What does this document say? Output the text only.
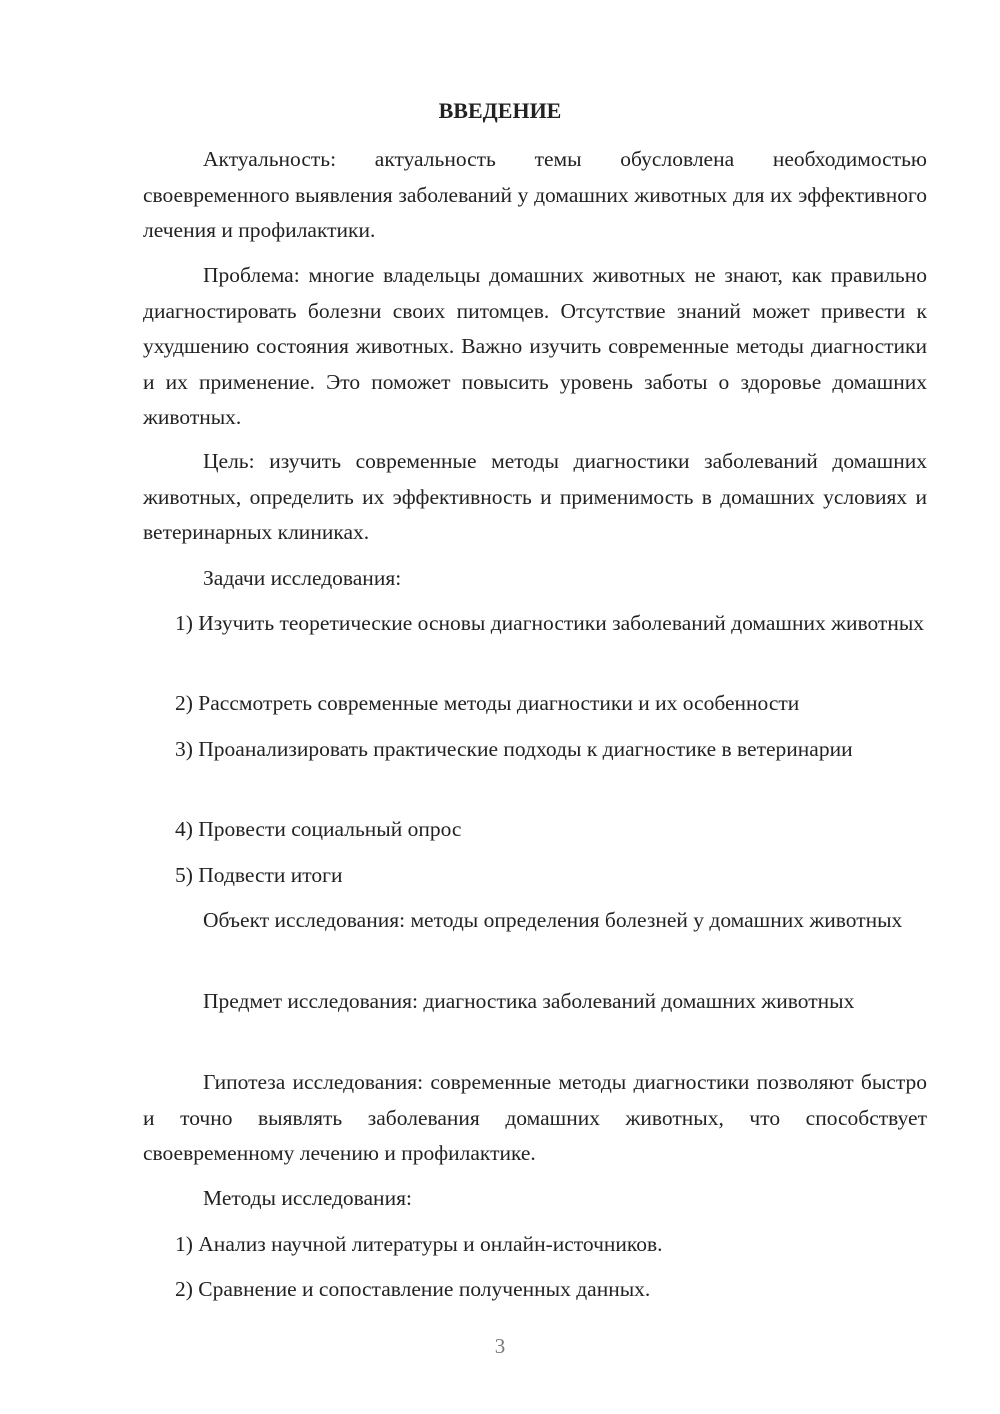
ВВЕДЕНИЕ
Актуальность: актуальность темы обусловлена необходимостью своевременного выявления заболеваний у домашних животных для их эффективного лечения и профилактики.
Проблема: многие владельцы домашних животных не знают, как правильно диагностировать болезни своих питомцев. Отсутствие знаний может привести к ухудшению состояния животных. Важно изучить современные методы диагностики и их применение. Это поможет повысить уровень заботы о здоровье домашних животных.
Цель: изучить современные методы диагностики заболеваний домашних животных, определить их эффективность и применимость в домашних условиях и ветеринарных клиниках.
Задачи исследования:
1) Изучить теоретические основы диагностики заболеваний домашних животных
2) Рассмотреть современные методы диагностики и их особенности
3) Проанализировать практические подходы к диагностике в ветеринарии
4) Провести социальный опрос
5) Подвести итоги
Объект исследования: методы определения болезней у домашних животных
Предмет исследования: диагностика заболеваний домашних животных
Гипотеза исследования: современные методы диагностики позволяют быстро и точно выявлять заболевания домашних животных, что способствует своевременному лечению и профилактике.
Методы исследования:
1) Анализ научной литературы и онлайн-источников.
2) Сравнение и сопоставление полученных данных.
3
